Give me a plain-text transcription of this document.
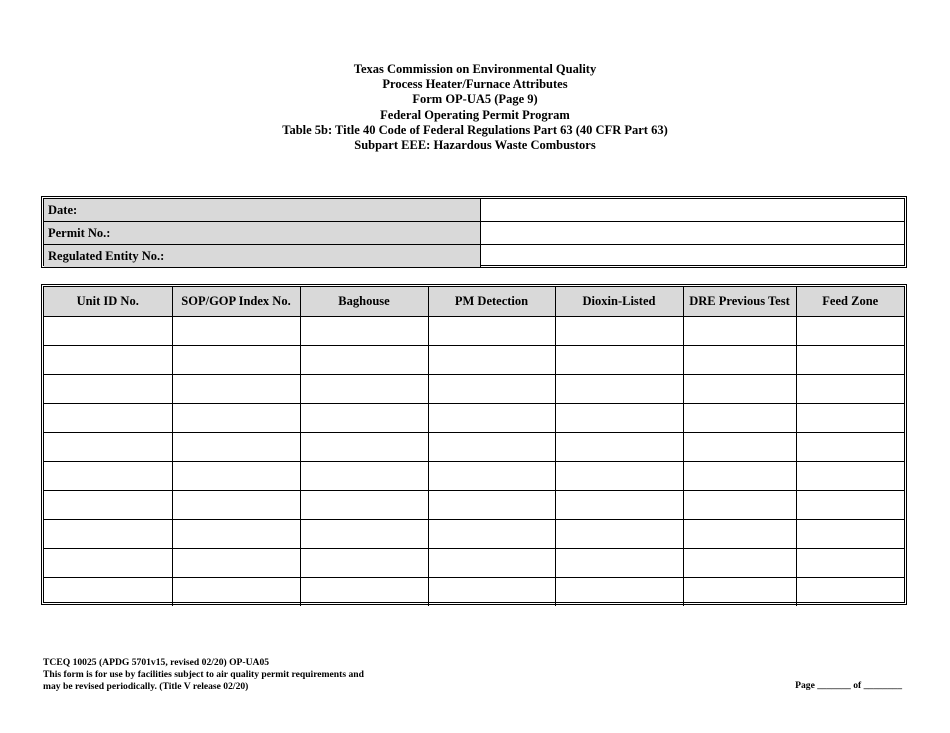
Texas Commission on Environmental Quality
Process Heater/Furnace Attributes
Form OP-UA5 (Page 9)
Federal Operating Permit Program
Table 5b: Title 40 Code of Federal Regulations Part 63 (40 CFR Part 63)
Subpart EEE: Hazardous Waste Combustors
Date:	
Permit No.:	
Regulated Entity No.:	
Unit ID No.	SOP/GOP Index No.	Baghouse	PM Detection	Dioxin-Listed	DRE Previous Test	Feed Zone

TCEQ 10025 (APDG 5701v15, revised 02/20) OP-UA05
This form is for use by facilities subject to air quality permit requirements and
may be revised periodically. (Title V release 02/20)	Page _______ of ________
